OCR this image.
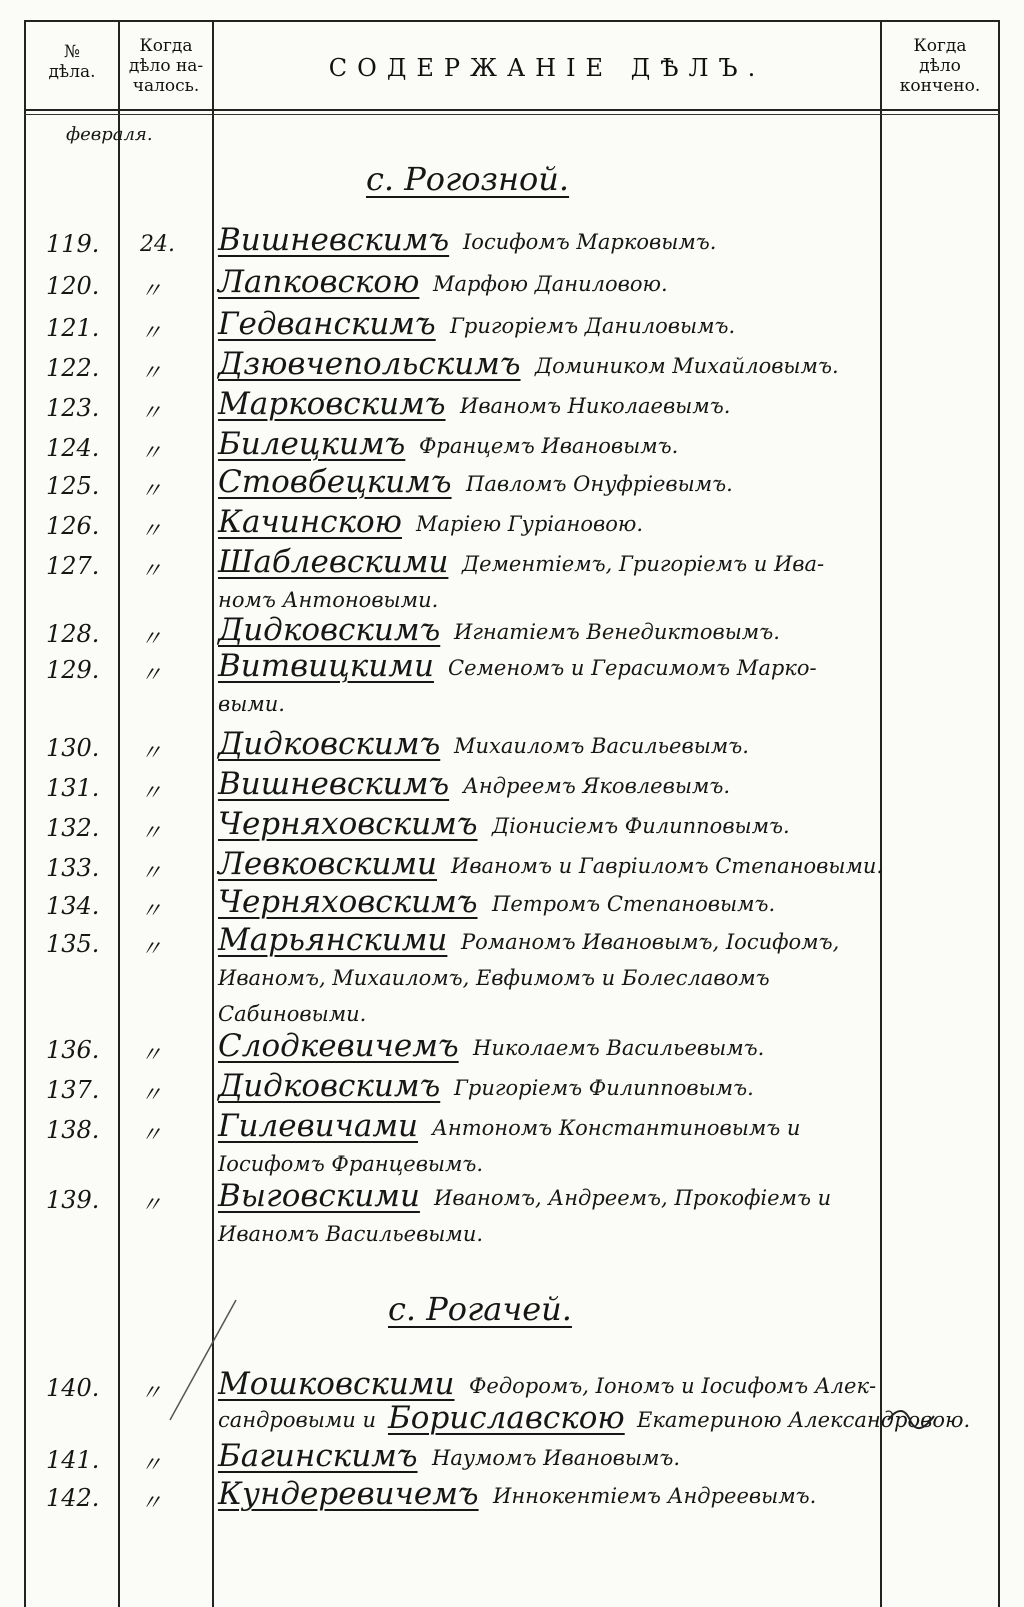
№
дѣла.
Когда
дѣло на-
чалось.
СОДЕРЖАНІЕ ДѢЛЪ.
Когда
дѣло
кончено.
февраля.
с. Рогозной.
с. Рогачей.
119. 24. Вишневскимъ Іосифомъ Марковымъ.
120. 〃 Лапковскою Марфою Даниловою.
121. 〃 Гедванскимъ Григоріемъ Даниловымъ.
122. 〃 Дзювчепольскимъ Домиником Михайловымъ.
123. 〃 Марковскимъ Иваномъ Николаевымъ.
124. 〃 Билецкимъ Францемъ Ивановымъ.
125. 〃 Стовбецкимъ Павломъ Онуфріевымъ.
126. 〃 Качинскою Маріею Гуріановою.
127. 〃 Шаблевскими Дементіемъ, Григоріемъ и Ива-
номъ Антоновыми.
128. 〃 Дидковскимъ Игнатіемъ Венедиктовымъ.
129. 〃 Витвицкими Семеномъ и Герасимомъ Марко-
выми.
130. 〃 Дидковскимъ Михаиломъ Васильевымъ.
131. 〃 Вишневскимъ Андреемъ Яковлевымъ.
132. 〃 Черняховскимъ Діонисіемъ Филипповымъ.
133. 〃 Левковскими Иваномъ и Гавріиломъ Степановыми.
134. 〃 Черняховскимъ Петромъ Степановымъ.
135. 〃 Марьянскими Романомъ Ивановымъ, Іосифомъ,
Иваномъ, Михаиломъ, Евфимомъ и Болеславомъ
Сабиновыми.
136. 〃 Слодкевичемъ Николаемъ Васильевымъ.
137. 〃 Дидковскимъ Григоріемъ Филипповымъ.
138. 〃 Гилевичами Антономъ Константиновымъ и
Іосифомъ Францевымъ.
139. 〃 Выговскими Иваномъ, Андреемъ, Прокофіемъ и
Иваномъ Васильевыми.
140. 〃 Мошковскими Федоромъ, Іономъ и Іосифомъ Алек-
сандровыми и Бориславскою Екатериною Александровою.
141. 〃 Багинскимъ Наумомъ Ивановымъ.
142. 〃 Кундеревичемъ Иннокентіемъ Андреевымъ.
